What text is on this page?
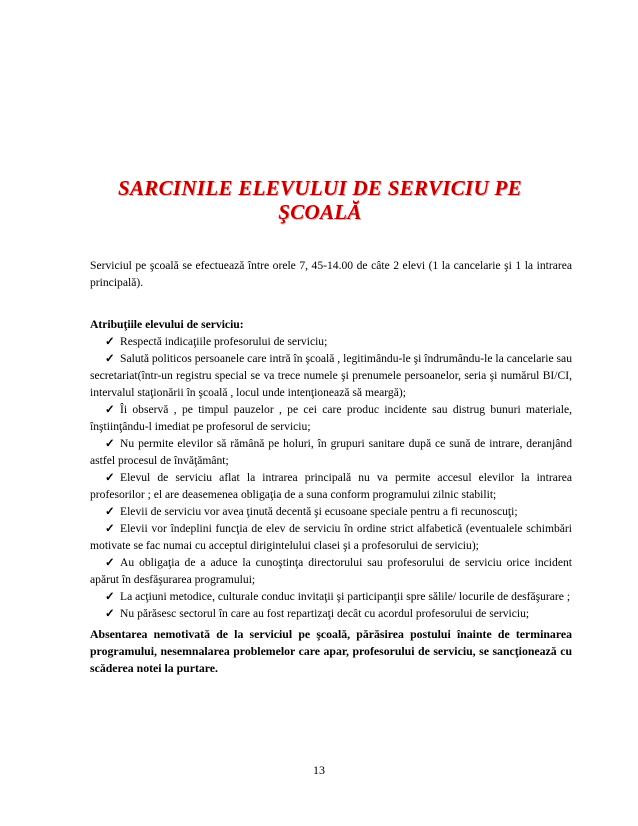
SARCINILE ELEVULUI DE SERVICIU PE
ŞCOALĂ
Serviciul pe şcoală se efectuează între orele 7, 45-14.00 de câte 2 elevi (1 la cancelarie şi 1 la intrarea principală).
Atribuţiile elevului de serviciu:
✓ Respectă indicaţiile profesorului de serviciu;
✓ Salută politicos persoanele care intră în şcoală , legitimându-le şi îndrumându-le la cancelarie sau secretariat(într-un registru special se va trece numele şi prenumele persoanelor, seria şi numărul BI/CI, intervalul staţionării în şcoală , locul unde intenţionează să meargă);
✓ Îi observă , pe timpul pauzelor , pe cei care produc incidente sau distrug bunuri materiale, înştiinţându-l imediat pe profesorul de serviciu;
✓ Nu permite elevilor să rămână pe holuri, în grupuri sanitare după ce sună de intrare, deranjând astfel procesul de învăţământ;
✓ Elevul de serviciu aflat la intrarea principală nu va permite accesul elevilor la intrarea profesorilor ; el are deasemenea obligaţia de a suna conform programului zilnic stabilit;
✓ Elevii de serviciu vor avea ţinută decentă şi ecusoane speciale pentru a fi recunoscuţi;
✓ Elevii vor îndeplini funcţia de elev de serviciu în ordine strict alfabetică (eventualele schimbări motivate se fac numai cu acceptul dirigintelului clasei şi a profesorului de serviciu);
✓ Au obligaţia de a aduce la cunoştinţa directorului sau profesorului de serviciu orice incident apărut în desfăşurarea programului;
✓ La acţiuni metodice, culturale conduc invitaţii şi participanţii spre sălile/ locurile de desfăşurare ;
✓ Nu părăsesc sectorul în care au fost repartizaţi decât cu acordul profesorului de serviciu;
Absentarea nemotivată de la serviciul pe şcoală, părăsirea postului înainte de terminarea programului, nesemnalarea problemelor care apar, profesorului de serviciu, se sancţionează cu scăderea notei la purtare.
13
